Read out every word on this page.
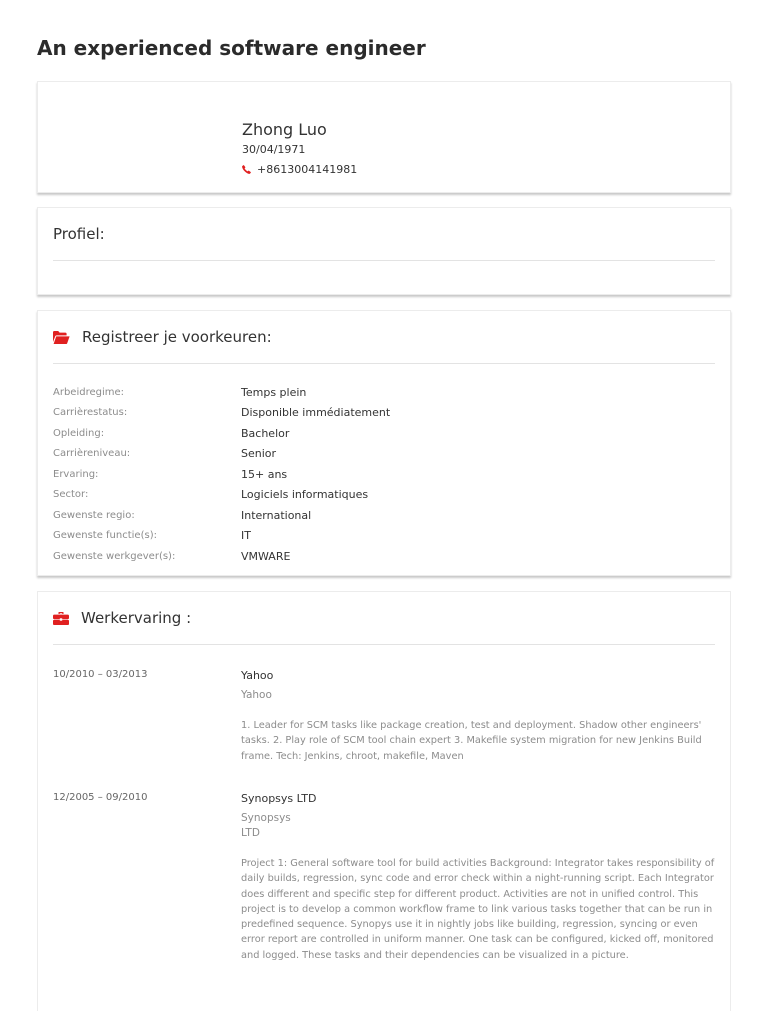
An experienced software engineer
Zhong Luo
30/04/1971
+8613004141981
Profiel:
Registreer je voorkeuren:
Arbeidregime:	Temps plein
Carrièrestatus:	Disponible immédiatement
Opleiding:	Bachelor
Carrièreniveau:	Senior
Ervaring:	15+ ans
Sector:	Logiciels informatiques
Gewenste regio:	International
Gewenste functie(s):	IT
Gewenste werkgever(s):	VMWARE
Werkervaring :
10/2010 – 03/2013	Yahoo
Yahoo
1. Leader for SCM tasks like package creation, test and deployment. Shadow other engineers' tasks. 2. Play role of SCM tool chain expert 3. Makefile system migration for new Jenkins Build frame. Tech: Jenkins, chroot, makefile, Maven
12/2005 – 09/2010	Synopsys LTD
Synopsys
LTD
Project 1: General software tool for build activities Background: Integrator takes responsibility of daily builds, regression, sync code and error check within a night-running script. Each Integrator does different and specific step for different product. Activities are not in unified control. This project is to develop a common workflow frame to link various tasks together that can be run in predefined sequence. Synopys use it in nightly jobs like building, regression, syncing or even error report are controlled in uniform manner. One task can be configured, kicked off, monitored and logged. These tasks and their dependencies can be visualized in a picture.
